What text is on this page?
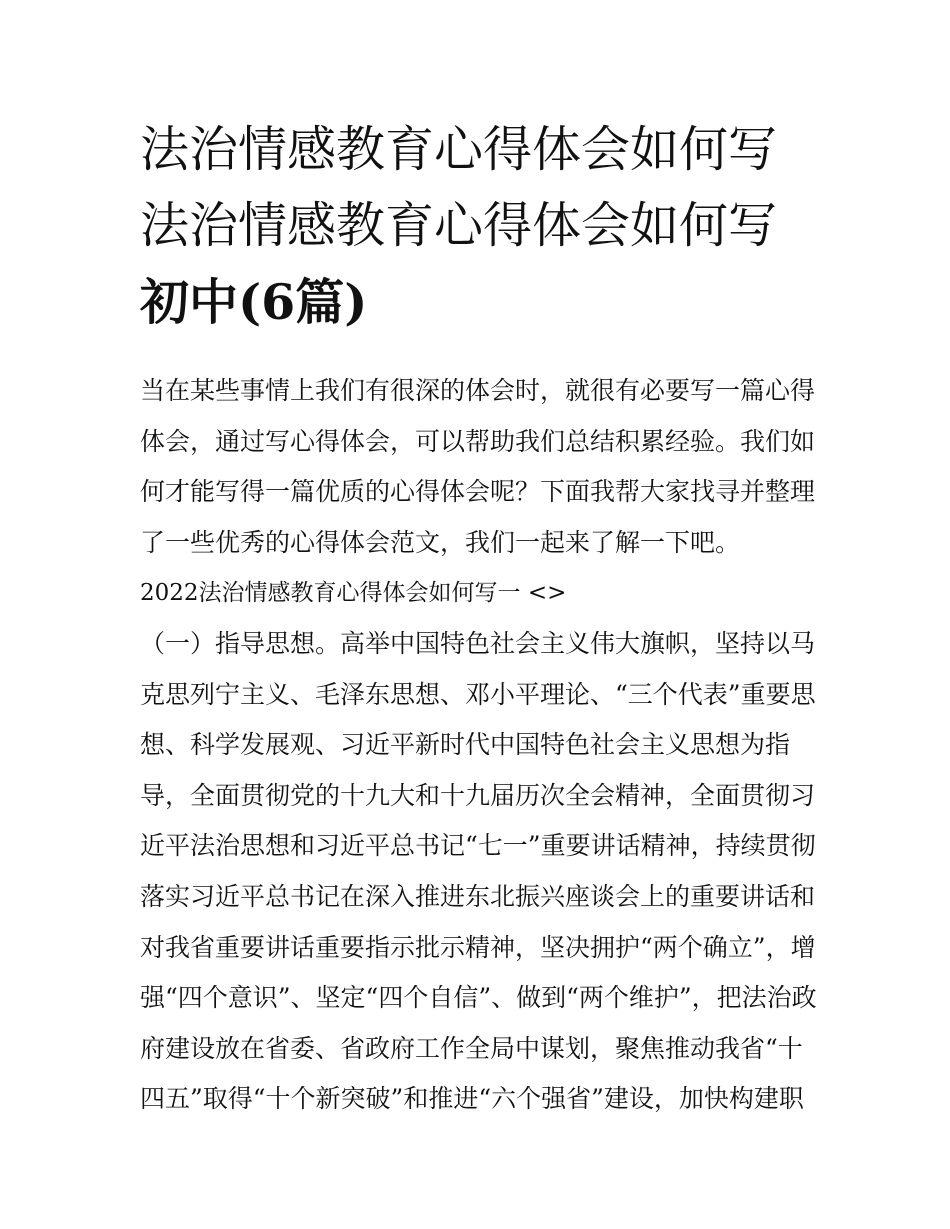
法治情感教育心得体会如何写
法治情感教育心得体会如何写
初中(6篇)

当在某些事情上我们有很深的体会时，就很有必要写一篇心得
体会，通过写心得体会，可以帮助我们总结积累经验。我们如
何才能写得一篇优质的心得体会呢？下面我帮大家找寻并整理
了一些优秀的心得体会范文，我们一起来了解一下吧。

2022法治情感教育心得体会如何写一 <>

（一）指导思想。高举中国特色社会主义伟大旗帜，坚持以马
克思列宁主义、毛泽东思想、邓小平理论、“三个代表”重要思
想、科学发展观、习近平新时代中国特色社会主义思想为指
导，全面贯彻党的十九大和十九届历次全会精神，全面贯彻习
近平法治思想和习近平总书记“七一”重要讲话精神，持续贯彻
落实习近平总书记在深入推进东北振兴座谈会上的重要讲话和
对我省重要讲话重要指示批示精神，坚决拥护“两个确立”，增
强“四个意识”、坚定“四个自信”、做到“两个维护”，把法治政
府建设放在省委、省政府工作全局中谋划，聚焦推动我省“十
四五”取得“十个新突破”和推进“六个强省”建设，加快构建职
